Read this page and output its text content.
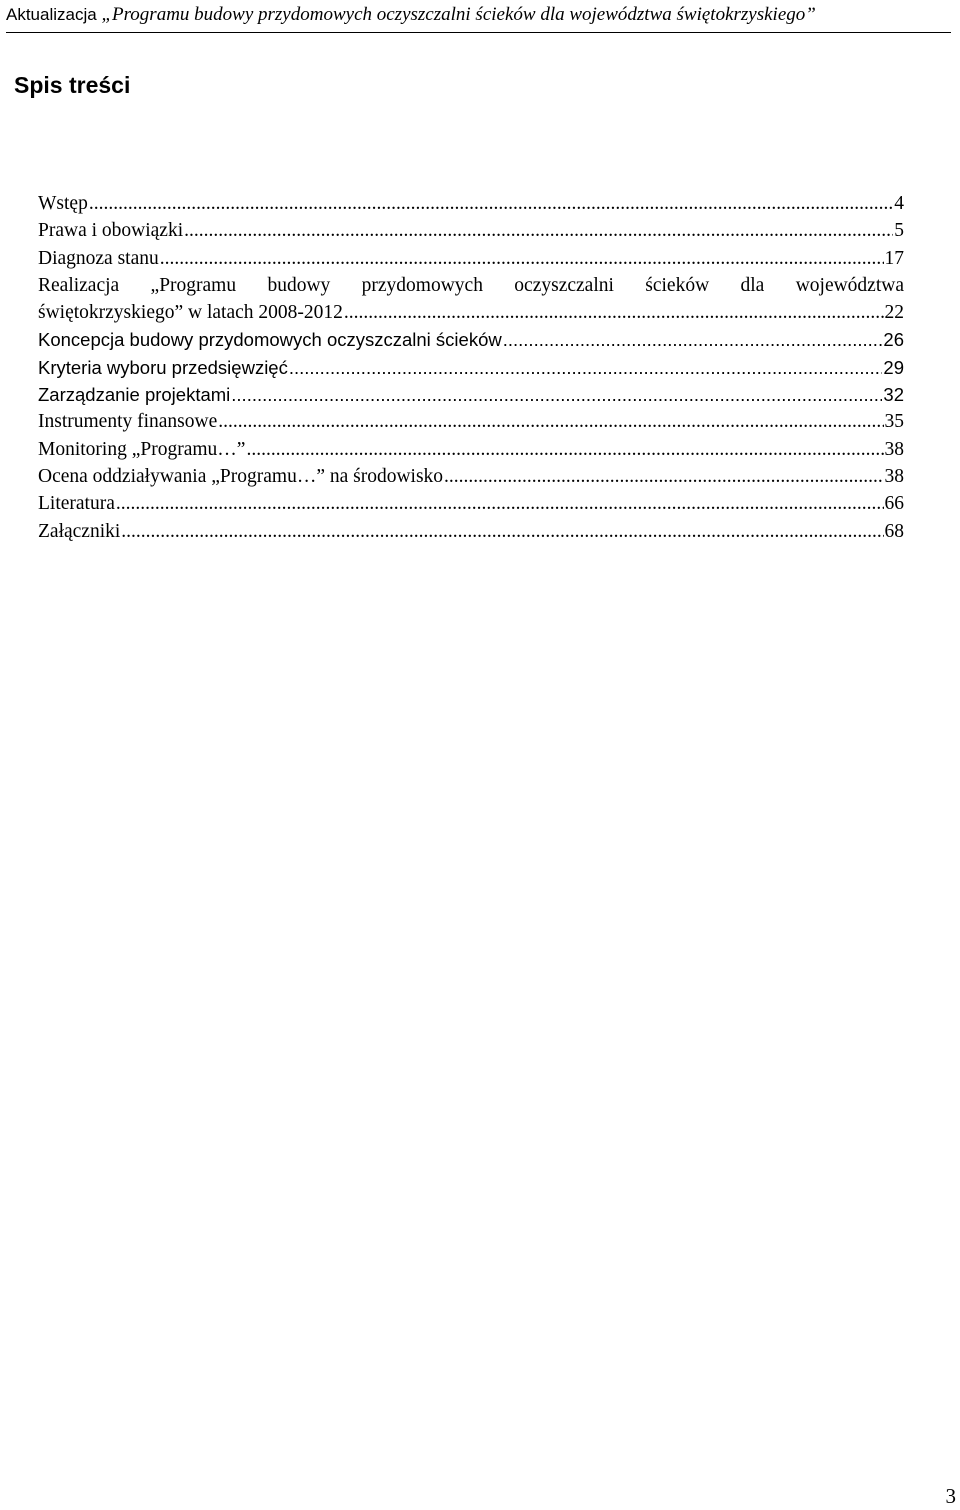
Aktualizacja „Programu budowy przydomowych oczyszczalni ścieków dla województwa świętokrzyskiego”
Spis treści
Wstęp .....	4
Prawa i obowiązki .....	5
Diagnoza stanu .....	17
Realizacja „Programu budowy przydomowych oczyszczalni ścieków dla województwa
świętokrzyskiego” w latach 2008-2012 .....	22
Koncepcja budowy przydomowych oczyszczalni ścieków .....	26
Kryteria wyboru przedsięwzięć .....	29
Zarządzanie projektami .....	32
Instrumenty finansowe .....	35
Monitoring „Programu…” .....	38
Ocena oddziaływania „Programu…” na środowisko .....	38
Literatura .....	66
Załączniki .....	68
3
